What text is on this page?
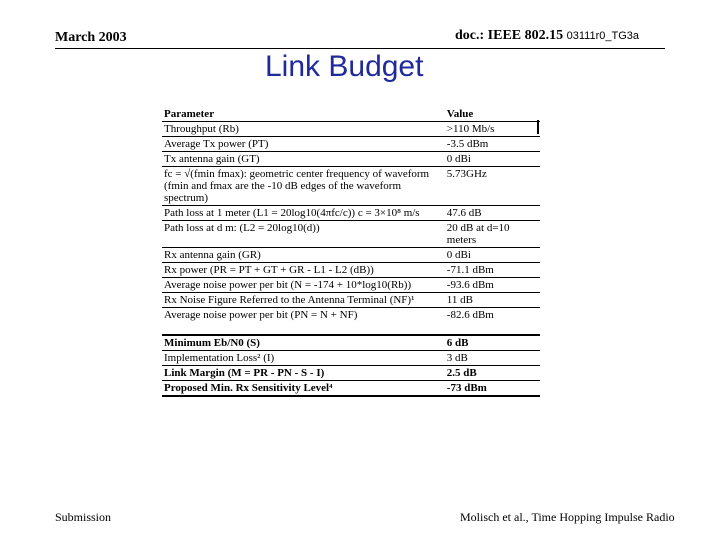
March 2003	doc.: IEEE 802.15 03111r0_TG3a
Link Budget
Parameter	Value
Throughput (Rb)	>110 Mb/s
Average Tx power (PT)	-3.5 dBm
Tx antenna gain (GT)	0 dBi
fc = √(fmin fmax): geometric center frequency of waveform (fmin and fmax are the -10 dB edges of the waveform spectrum)	5.73GHz
Path loss at 1 meter (L1 = 20log10(4πfc/c)) c = 3×10⁸ m/s	47.6 dB
Path loss at d m: (L2 = 20log10(d))	20 dB at d=10 meters
Rx antenna gain (GR)	0 dBi
Rx power (PR = PT + GT + GR - L1 - L2 (dB))	-71.1 dBm
Average noise power per bit (N = -174 + 10*log10(Rb))	-93.6 dBm
Rx Noise Figure Referred to the Antenna Terminal (NF)¹	11 dB
Average noise power per bit (PN = N + NF)	-82.6 dBm

Minimum Eb/N0 (S)	6 dB
Implementation Loss² (I)	3 dB
Link Margin (M = PR - PN - S - I)	2.5 dB
Proposed Min. Rx Sensitivity Level⁴	-73 dBm
Submission	Molisch et al., Time Hopping Impulse Radio
